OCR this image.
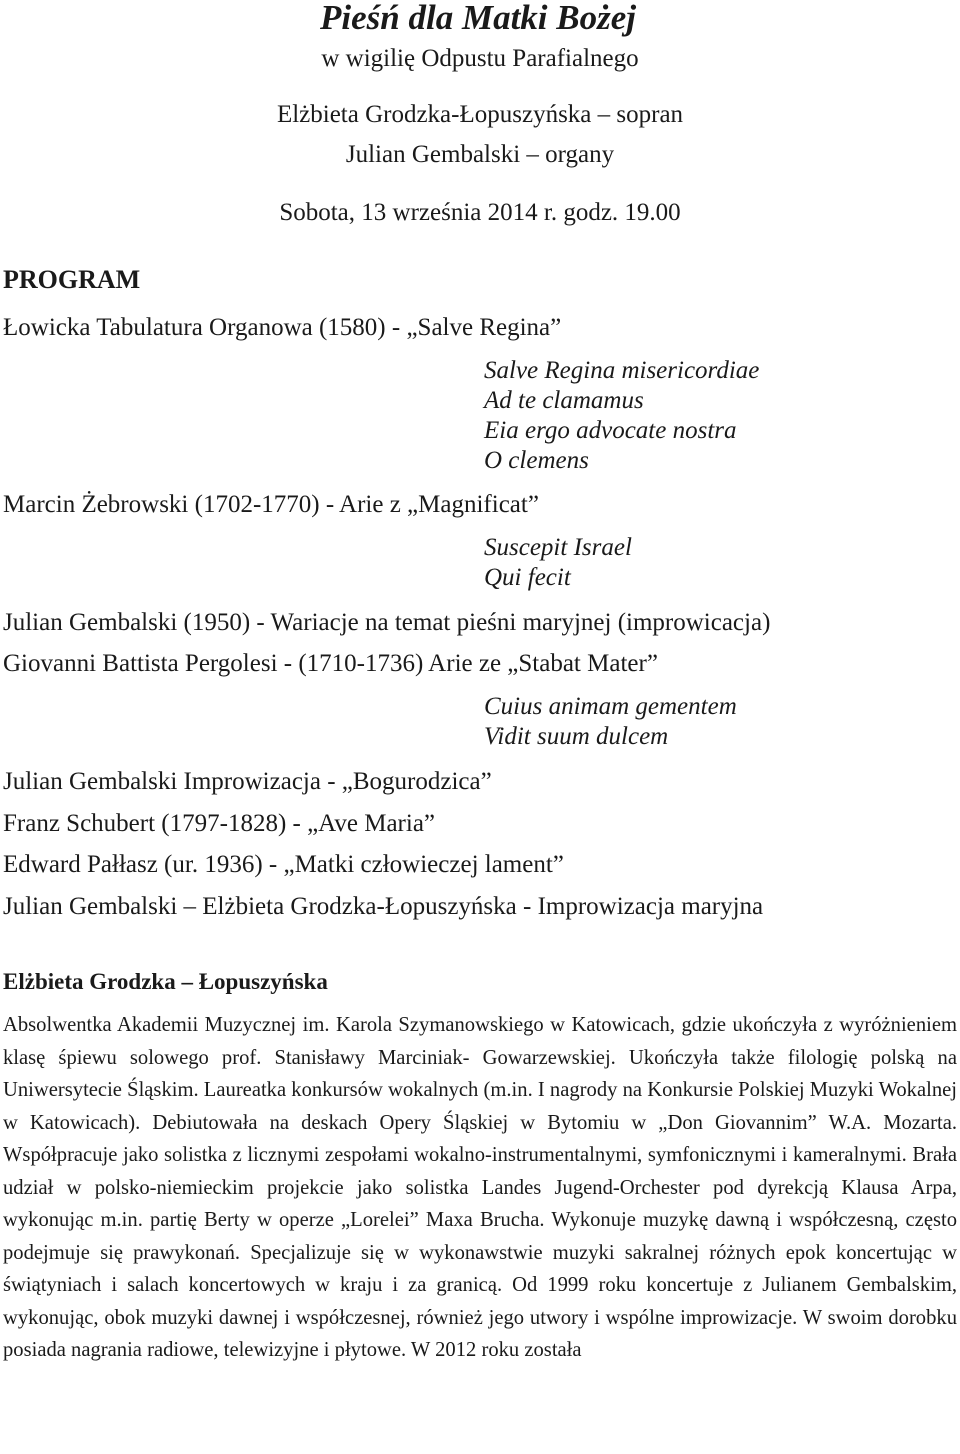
Pieśń dla Matki Bożej
w wigilię Odpustu Parafialnego
Elżbieta Grodzka-Łopuszyńska – sopran
Julian Gembalski – organy
Sobota, 13 września 2014 r. godz. 19.00
PROGRAM
Łowicka Tabulatura Organowa (1580) - „Salve Regina”
Salve Regina misericordiae
Ad te clamamus
Eia ergo advocate nostra
O clemens
Marcin Żebrowski (1702-1770) - Arie z „Magnificat”
Suscepit Israel
Qui fecit
Julian Gembalski (1950) - Wariacje na temat pieśni maryjnej (improwicacja)
Giovanni Battista Pergolesi - (1710-1736) Arie ze „Stabat Mater”
Cuius animam gementem
Vidit suum dulcem
Julian Gembalski Improwizacja - „Bogurodzica”
Franz Schubert (1797-1828) - „Ave Maria”
Edward Pałłasz (ur. 1936) - „Matki człowieczej lament”
Julian Gembalski – Elżbieta Grodzka-Łopuszyńska - Improwizacja maryjna
Elżbieta Grodzka – Łopuszyńska

Absolwentka Akademii Muzycznej im. Karola Szymanowskiego w Katowicach, gdzie ukończyła z wyróżnieniem klasę śpiewu solowego prof. Stanisławy Marciniak- Gowarzewskiej. Ukończyła także filologię polską na Uniwersytecie Śląskim. Laureatka konkursów wokalnych (m.in. I nagrody na Konkursie Polskiej Muzyki Wokalnej w Katowicach). Debiutowała na deskach Opery Śląskiej w Bytomiu w „Don Giovannim” W.A. Mozarta. Współpracuje jako solistka z licznymi zespołami wokalno-instrumentalnymi, symfonicznymi i kameralnymi. Brała udział w polsko-niemieckim projekcie jako solistka Landes Jugend-Orchester pod dyrekcją Klausa Arpa, wykonując m.in. partię Berty w operze „Lorelei” Maxa Brucha. Wykonuje muzykę dawną i współczesną, często podejmuje się prawykonań. Specjalizuje się w wykonawstwie muzyki sakralnej różnych epok koncertując w świątyniach i salach koncertowych w kraju i za granicą. Od 1999 roku koncertuje z Julianem Gembalskim, wykonując, obok muzyki dawnej i współczesnej, również jego utwory i wspólne improwizacje. W swoim dorobku posiada nagrania radiowe, telewizyjne i płytowe. W 2012 roku została
